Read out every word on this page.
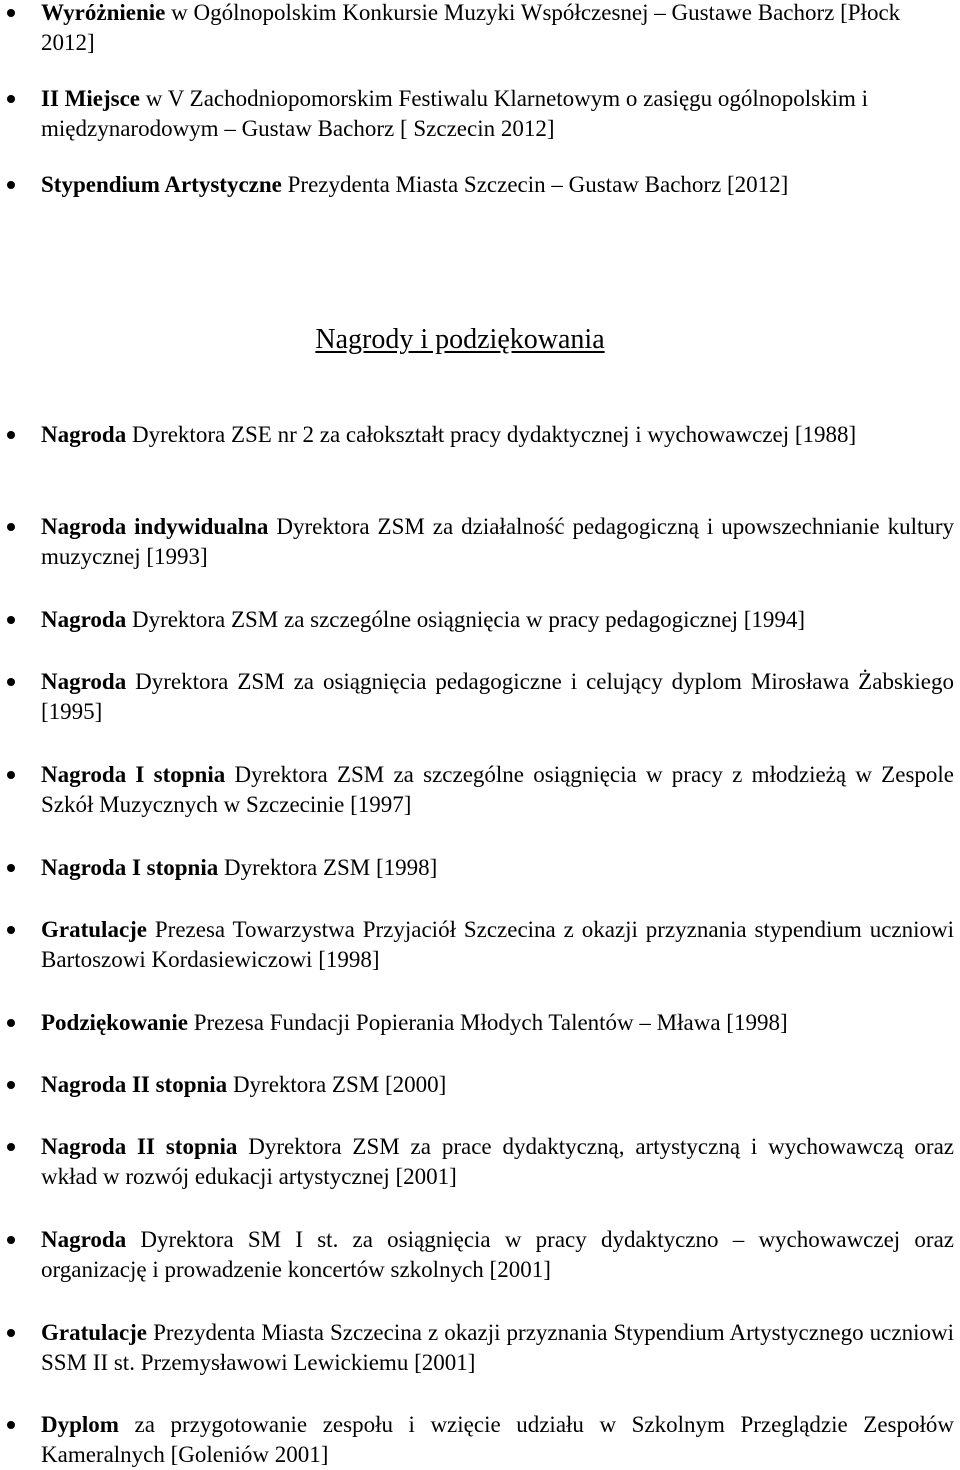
Wyróżnienie w Ogólnopolskim Konkursie Muzyki Współczesnej – Gustawe Bachorz [Płock 2012]
II Miejsce w V Zachodniopomorskim Festiwalu Klarnetowym o zasięgu ogólnopolskim i międzynarodowym – Gustaw Bachorz [ Szczecin 2012]
Stypendium Artystyczne Prezydenta Miasta Szczecin – Gustaw Bachorz [2012]
Nagrody i podziękowania
Nagroda Dyrektora ZSE nr 2 za całokształt pracy dydaktycznej i wychowawczej [1988]
Nagroda indywidualna Dyrektora ZSM za działalność pedagogiczną i upowszechnianie kultury muzycznej [1993]
Nagroda Dyrektora ZSM za szczególne osiągnięcia w pracy pedagogicznej [1994]
Nagroda Dyrektora ZSM za osiągnięcia pedagogiczne i celujący dyplom Mirosława Żabskiego [1995]
Nagroda I stopnia Dyrektora ZSM za szczególne osiągnięcia w pracy z młodzieżą w Zespole Szkół Muzycznych w Szczecinie [1997]
Nagroda I stopnia Dyrektora ZSM [1998]
Gratulacje Prezesa Towarzystwa Przyjaciół Szczecina z okazji przyznania stypendium uczniowi Bartoszowi Kordasiewiczowi [1998]
Podziękowanie Prezesa Fundacji Popierania Młodych Talentów – Mława [1998]
Nagroda II stopnia Dyrektora ZSM [2000]
Nagroda II stopnia Dyrektora ZSM za prace dydaktyczną, artystyczną i wychowawczą oraz wkład w rozwój edukacji artystycznej [2001]
Nagroda Dyrektora SM I st. za osiągnięcia w pracy dydaktyczno – wychowawczej oraz organizację i prowadzenie koncertów szkolnych [2001]
Gratulacje Prezydenta Miasta Szczecina z okazji przyznania Stypendium Artystycznego uczniowi SSM II st. Przemysławowi Lewickiemu [2001]
Dyplom za przygotowanie zespołu i wzięcie udziału w Szkolnym Przeglądzie Zespołów Kameralnych [Goleniów 2001]
